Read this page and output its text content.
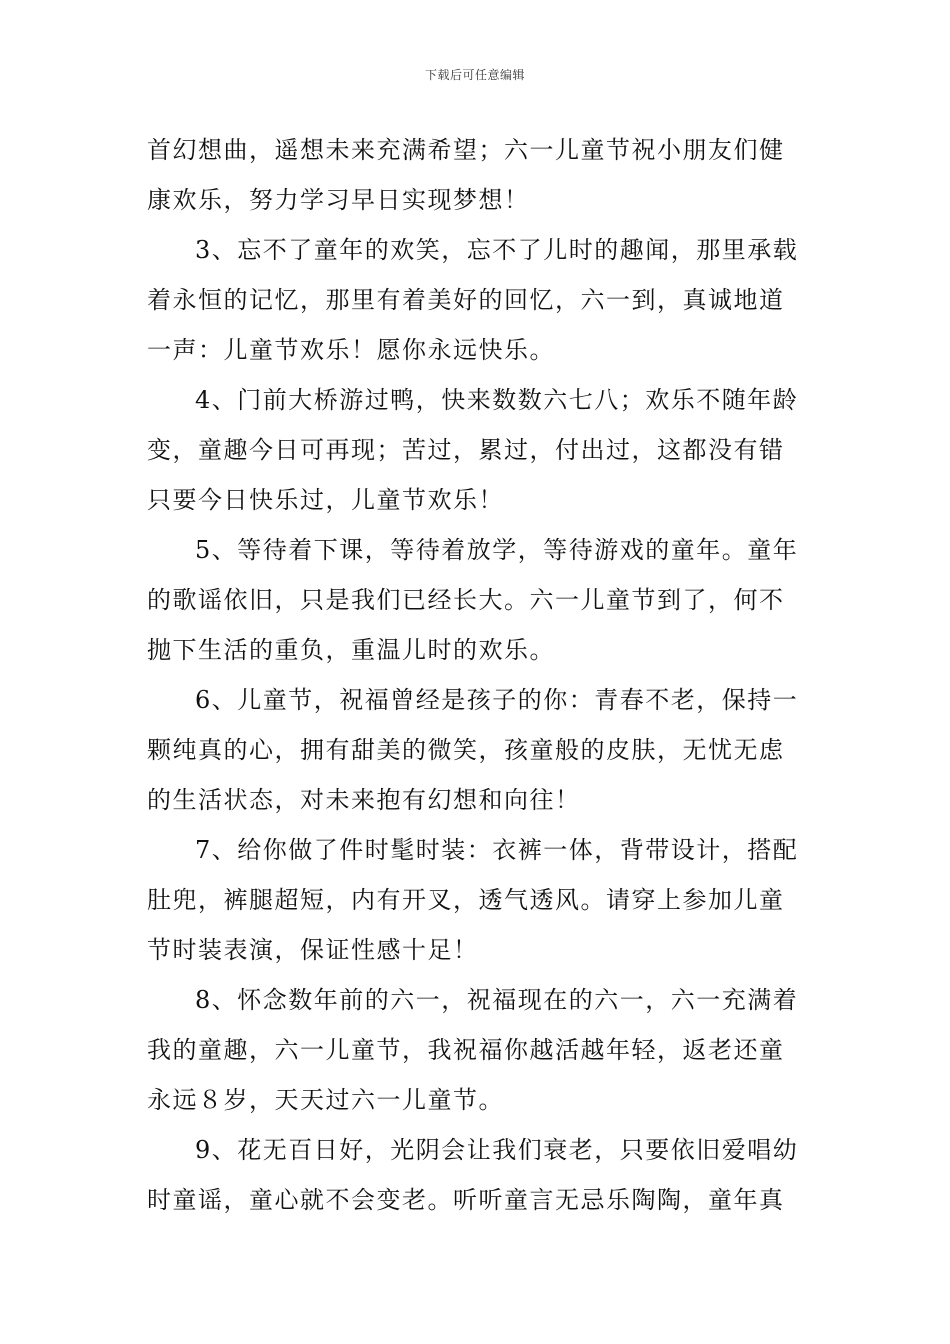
下载后可任意编辑
首幻想曲，遥想未来充满希望；六一儿童节祝小朋友们健
康欢乐，努力学习早日实现梦想！
3、忘不了童年的欢笑，忘不了儿时的趣闻，那里承载
着永恒的记忆，那里有着美好的回忆，六一到，真诚地道
一声：儿童节欢乐！愿你永远快乐。
4、门前大桥游过鸭，快来数数六七八；欢乐不随年龄
变，童趣今日可再现；苦过，累过，付出过，这都没有错
只要今日快乐过，儿童节欢乐！
5、等待着下课，等待着放学，等待游戏的童年。童年
的歌谣依旧，只是我们已经长大。六一儿童节到了，何不
抛下生活的重负，重温儿时的欢乐。
6、儿童节，祝福曾经是孩子的你：青春不老，保持一
颗纯真的心，拥有甜美的微笑，孩童般的皮肤，无忧无虑
的生活状态，对未来抱有幻想和向往！
7、给你做了件时髦时装：衣裤一体，背带设计，搭配
肚兜，裤腿超短，内有开叉，透气透风。请穿上参加儿童
节时装表演，保证性感十足！
8、怀念数年前的六一，祝福现在的六一，六一充满着
我的童趣，六一儿童节，我祝福你越活越年轻，返老还童
永远８岁，天天过六一儿童节。
9、花无百日好，光阴会让我们衰老，只要依旧爱唱幼
时童谣，童心就不会变老。听听童言无忌乐陶陶，童年真
